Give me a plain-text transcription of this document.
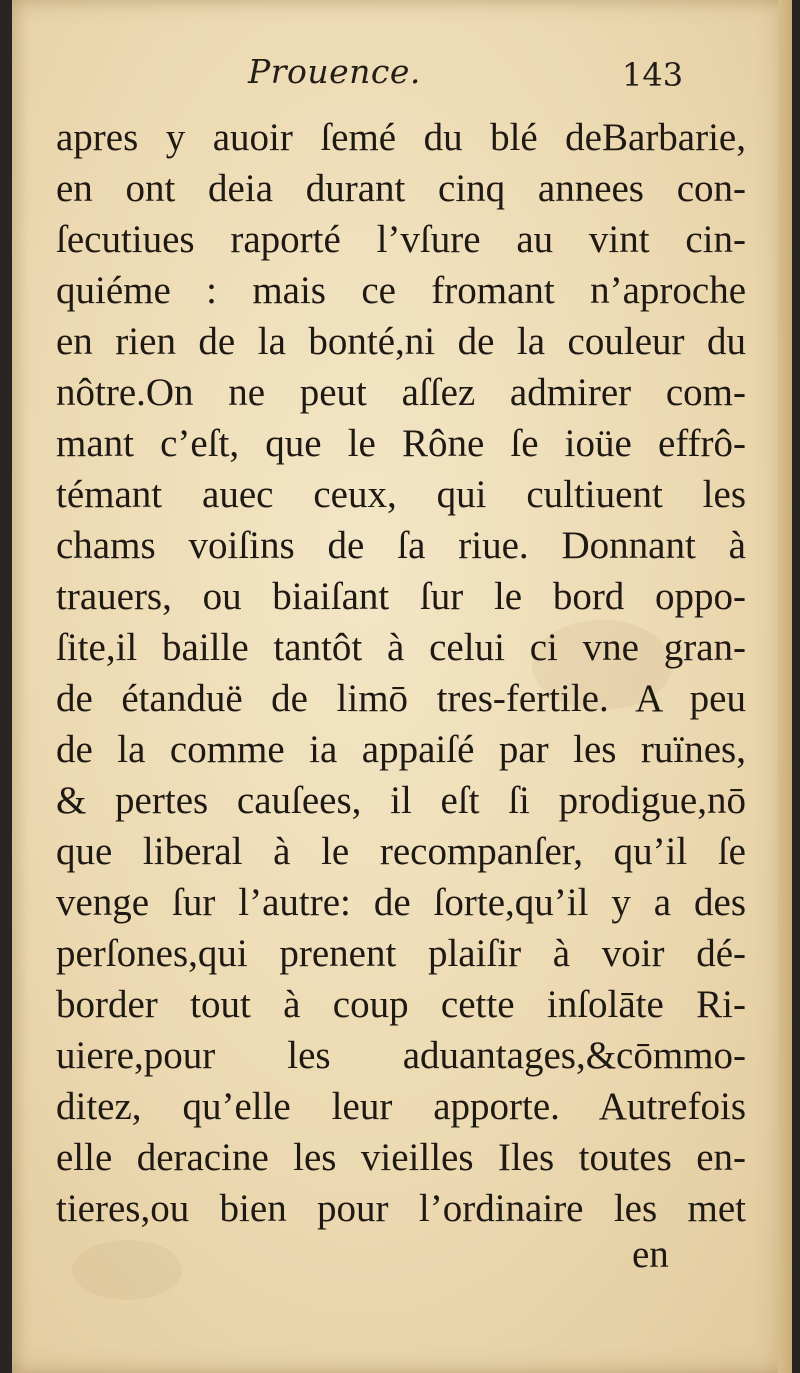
Prouence.	143
apres y auoir ſemé du blé deBarbarie,
en ont deia durant cinq annees con-
ſecutiues raporté l’vſure au vint cin-
quiéme : mais ce fromant n’aproche
en rien de la bonté,ni de la couleur du
nôtre.On ne peut aſſez admirer com-
mant c’eſt, que le Rône ſe ioüe effrô-
témant auec ceux, qui cultiuent les
chams voiſins de ſa riue. Donnant à
trauers, ou biaiſant ſur le bord oppo-
ſite,il baille tantôt à celui ci vne gran-
de étanduë de limō tres-fertile. A peu
de la comme ia appaiſé par les ruïnes,
& pertes cauſees, il eſt ſi prodigue,nō
que liberal à le recompanſer, qu’il ſe
venge ſur l’autre: de ſorte,qu’il y a des
perſones,qui prenent plaiſir à voir dé-
border tout à coup cette inſolāte Ri-
uiere,pour les aduantages,&cōmmo-
ditez, qu’elle leur apporte. Autrefois
elle deracine les vieilles Iles toutes en-
tieres,ou bien pour l’ordinaire les met
en
